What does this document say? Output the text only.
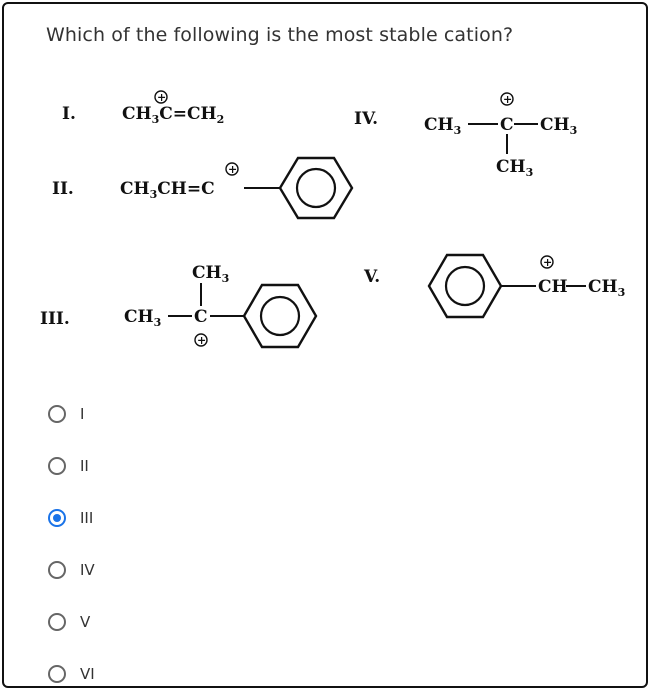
Which of the following is the most stable cation?
I.	$CH_3C=CH_2$
+
II.	$CH_3CH=C$
+
III.	$CH_3$ C
$CH_3$
+
IV.	$CH_3$ C $CH_3$
+
$CH_3$
V.	CH
+
$CH_3$
I
II
III
IV
V
VI
